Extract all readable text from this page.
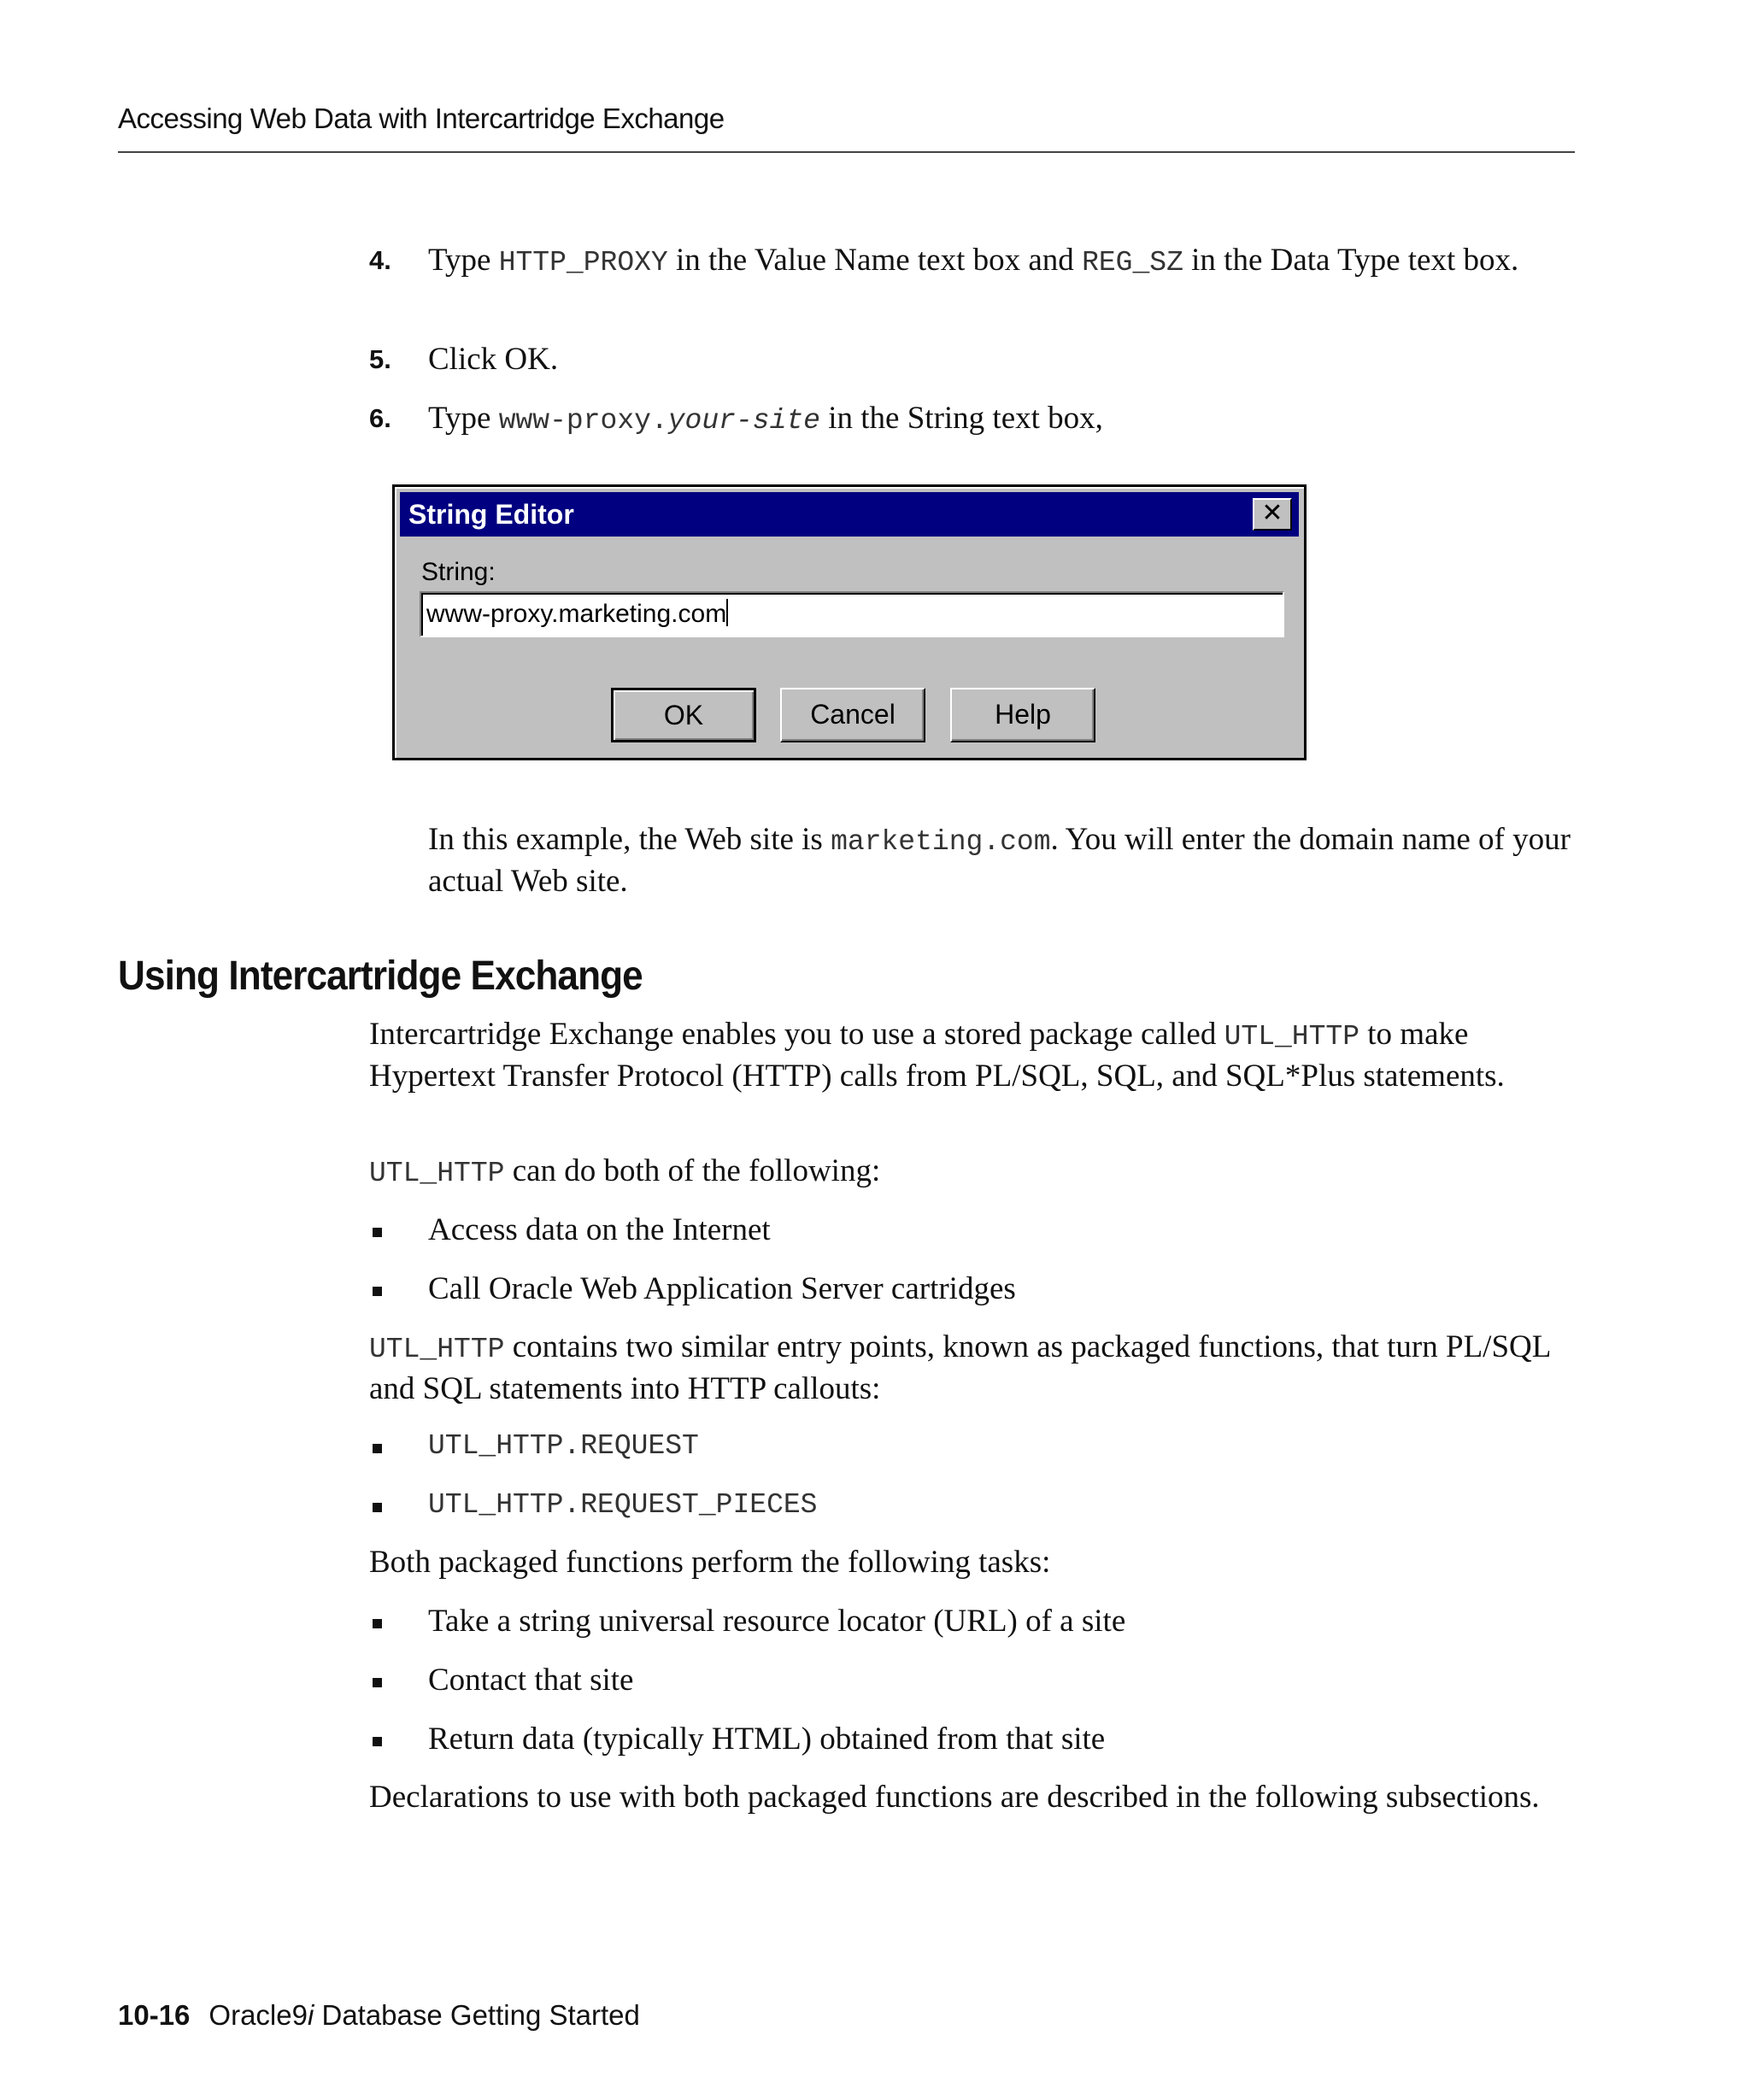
Accessing Web Data with Intercartridge Exchange
4. Type HTTP_PROXY in the Value Name text box and REG_SZ in the Data Type text box.
5. Click OK.
6. Type www-proxy.your-site in the String text box,
String Editor	✕
String:
www-proxy.marketing.com
OK	Cancel	Help
In this example, the Web site is marketing.com. You will enter the domain name of your actual Web site.
Using Intercartridge Exchange
Intercartridge Exchange enables you to use a stored package called UTL_HTTP to make Hypertext Transfer Protocol (HTTP) calls from PL/SQL, SQL, and SQL*Plus statements.
UTL_HTTP can do both of the following:
Access data on the Internet
Call Oracle Web Application Server cartridges
UTL_HTTP contains two similar entry points, known as packaged functions, that turn PL/SQL and SQL statements into HTTP callouts:
UTL_HTTP.REQUEST
UTL_HTTP.REQUEST_PIECES
Both packaged functions perform the following tasks:
Take a string universal resource locator (URL) of a site
Contact that site
Return data (typically HTML) obtained from that site
Declarations to use with both packaged functions are described in the following subsections.
10-16 Oracle9i Database Getting Started
